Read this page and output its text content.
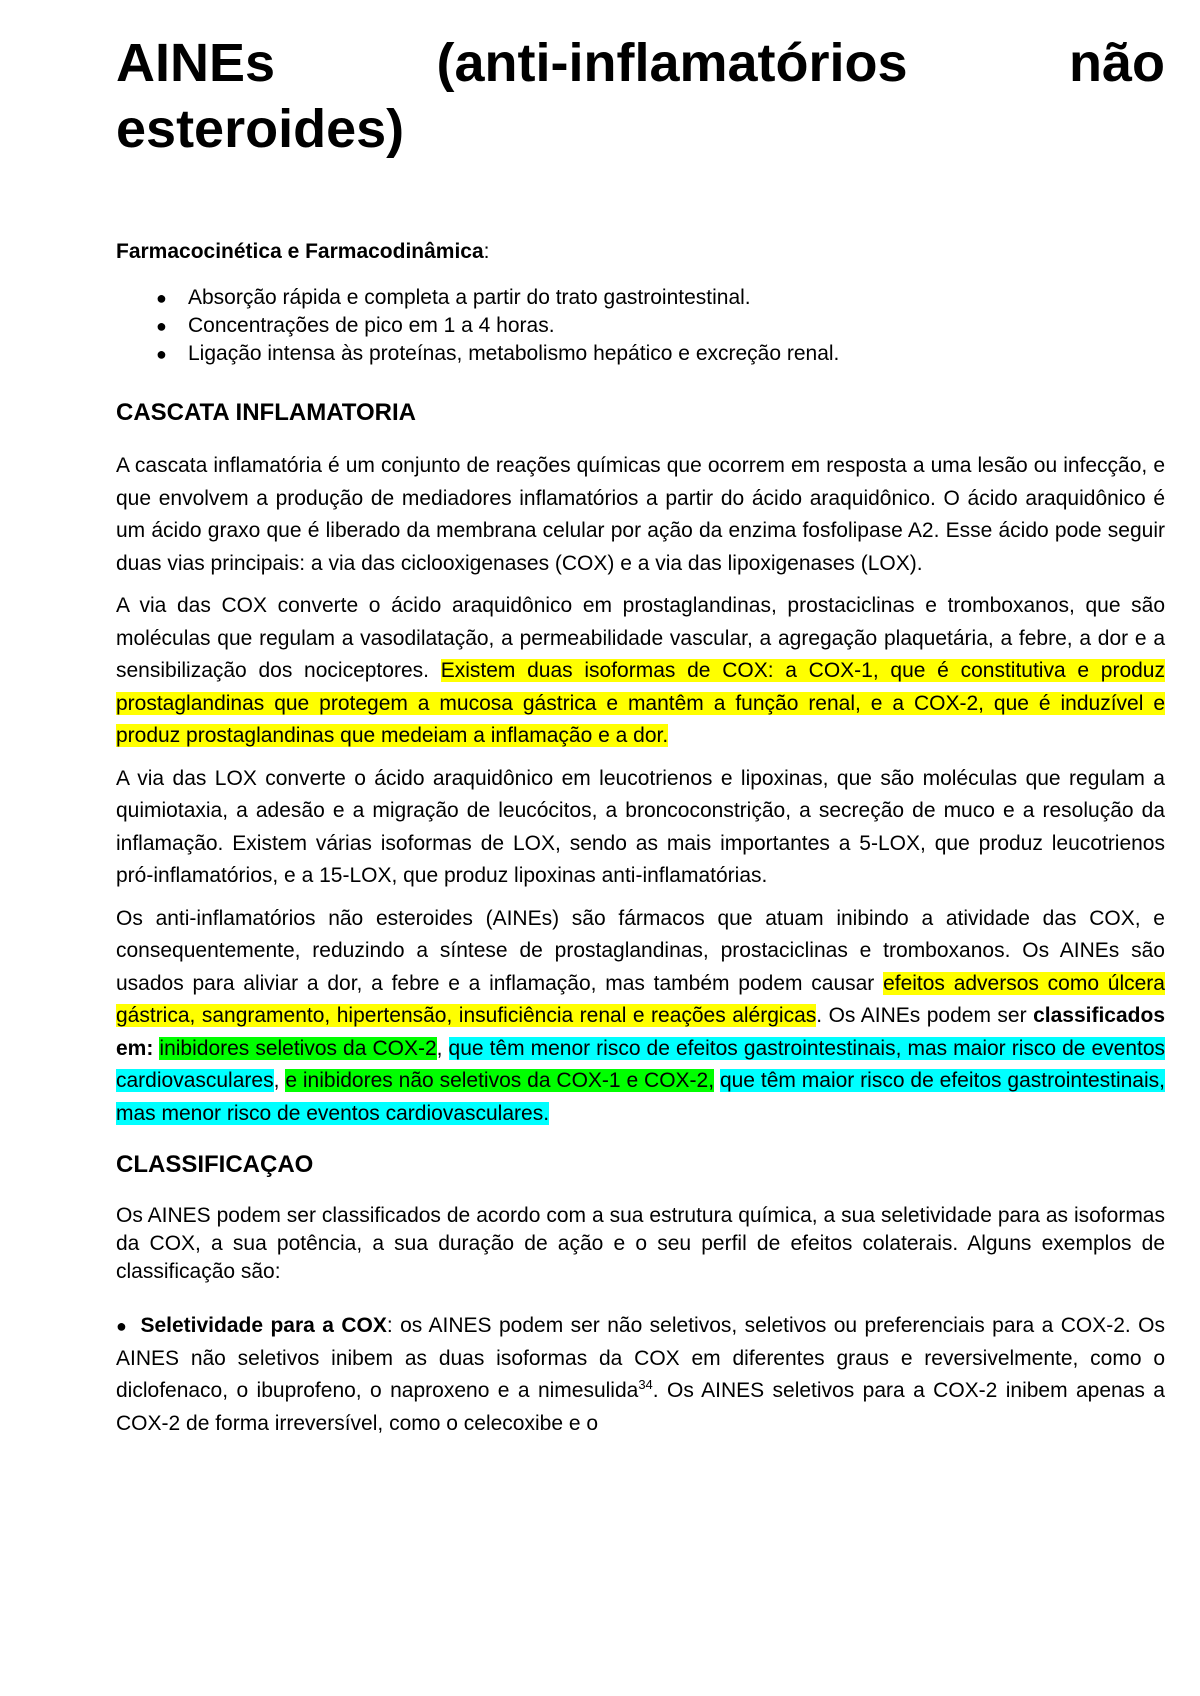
AINEs (anti-inflamatórios não esteroides)
Farmacocinética e Farmacodinâmica:
● Absorção rápida e completa a partir do trato gastrointestinal.
● Concentrações de pico em 1 a 4 horas.
● Ligação intensa às proteínas, metabolismo hepático e excreção renal.
CASCATA INFLAMATORIA

A cascata inflamatória é um conjunto de reações químicas que ocorrem em resposta a uma lesão ou infecção, e que envolvem a produção de mediadores inflamatórios a partir do ácido araquidônico. O ácido araquidônico é um ácido graxo que é liberado da membrana celular por ação da enzima fosfolipase A2. Esse ácido pode seguir duas vias principais: a via das ciclooxigenases (COX) e a via das lipoxigenases (LOX).

A via das COX converte o ácido araquidônico em prostaglandinas, prostaciclinas e tromboxanos, que são moléculas que regulam a vasodilatação, a permeabilidade vascular, a agregação plaquetária, a febre, a dor e a sensibilização dos nociceptores. Existem duas isoformas de COX: a COX-1, que é constitutiva e produz prostaglandinas que protegem a mucosa gástrica e mantêm a função renal, e a COX-2, que é induzível e produz prostaglandinas que medeiam a inflamação e a dor.

A via das LOX converte o ácido araquidônico em leucotrienos e lipoxinas, que são moléculas que regulam a quimiotaxia, a adesão e a migração de leucócitos, a broncoconstrição, a secreção de muco e a resolução da inflamação. Existem várias isoformas de LOX, sendo as mais importantes a 5-LOX, que produz leucotrienos pró-inflamatórios, e a 15-LOX, que produz lipoxinas anti-inflamatórias.

Os anti-inflamatórios não esteroides (AINEs) são fármacos que atuam inibindo a atividade das COX, e consequentemente, reduzindo a síntese de prostaglandinas, prostaciclinas e tromboxanos. Os AINEs são usados para aliviar a dor, a febre e a inflamação, mas também podem causar efeitos adversos como úlcera gástrica, sangramento, hipertensão, insuficiência renal e reações alérgicas. Os AINEs podem ser classificados em: inibidores seletivos da COX-2, que têm menor risco de efeitos gastrointestinais, mas maior risco de eventos cardiovasculares, e inibidores não seletivos da COX-1 e COX-2, que têm maior risco de efeitos gastrointestinais, mas menor risco de eventos cardiovasculares.

CLASSIFICAÇAO

Os AINES podem ser classificados de acordo com a sua estrutura química, a sua seletividade para as isoformas da COX, a sua potência, a sua duração de ação e o seu perfil de efeitos colaterais. Alguns exemplos de classificação são:

● Seletividade para a COX: os AINES podem ser não seletivos, seletivos ou preferenciais para a COX-2. Os AINES não seletivos inibem as duas isoformas da COX em diferentes graus e reversivelmente, como o diclofenaco, o ibuprofeno, o naproxeno e a nimesulida$^{34}$. Os AINES seletivos para a COX-2 inibem apenas a COX-2 de forma irreversível, como o celecoxibe e o
